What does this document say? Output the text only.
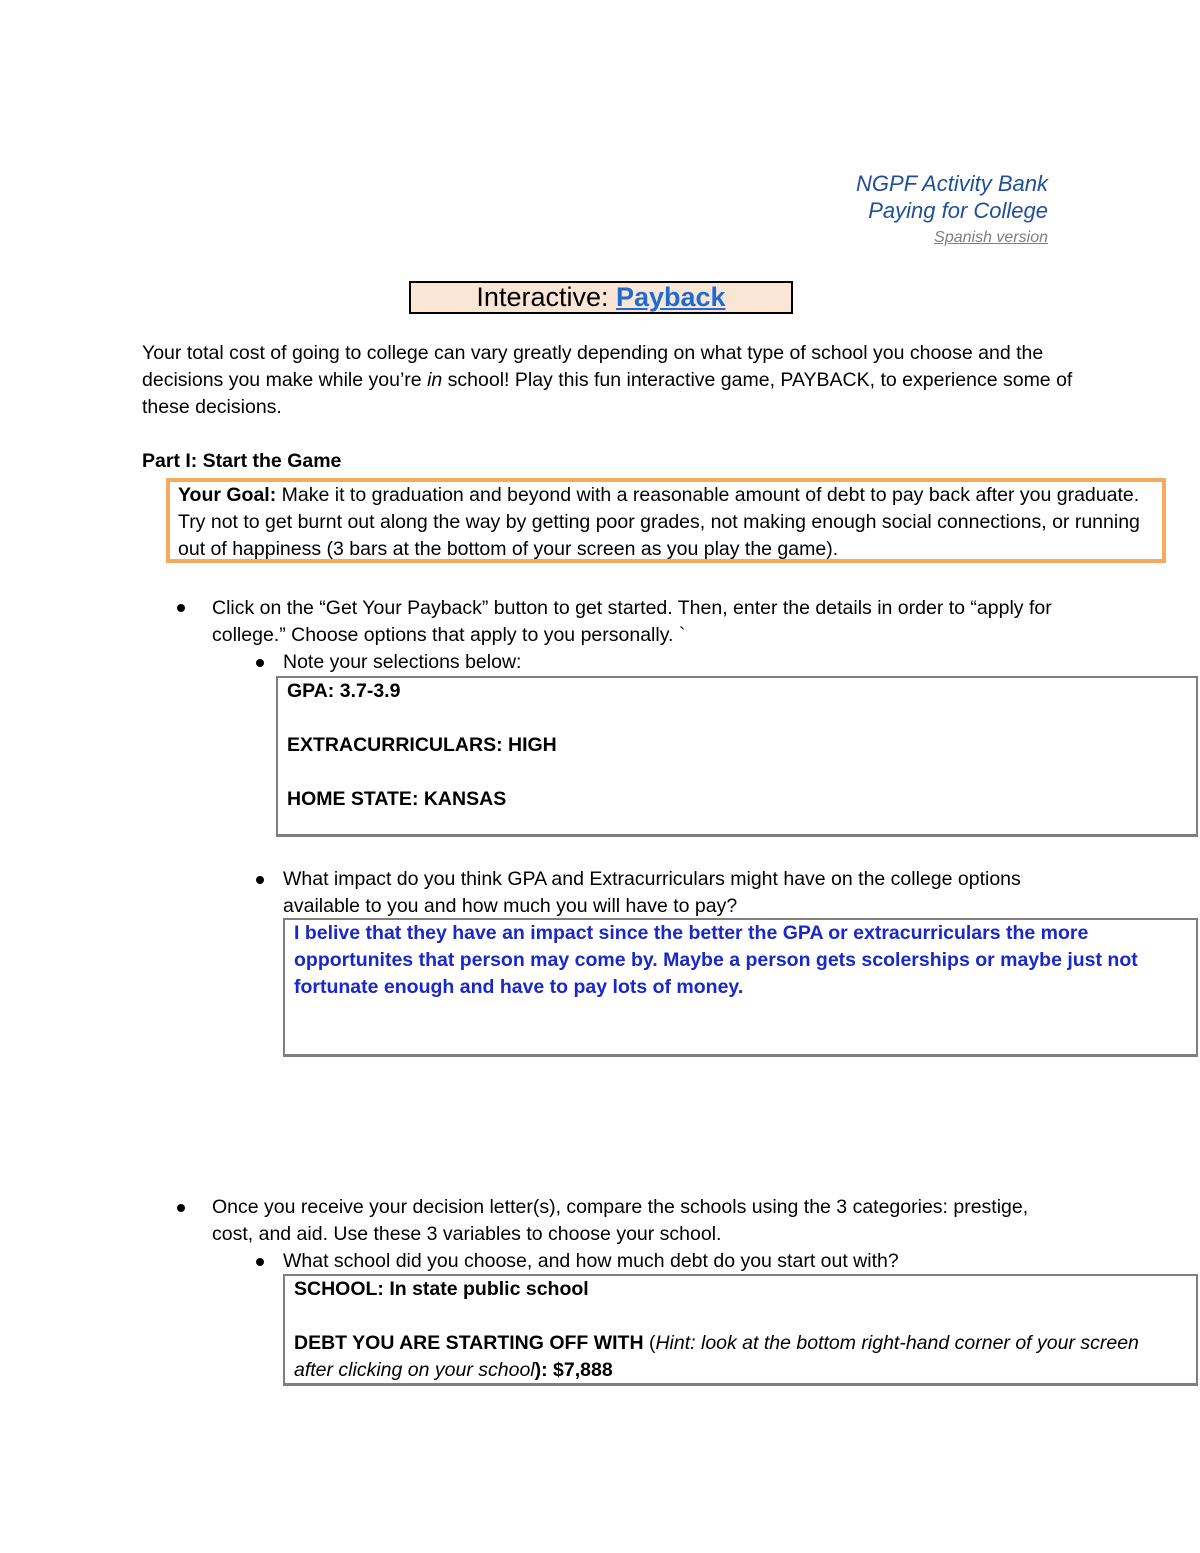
NGPF Activity Bank
Paying for College
Spanish version
Interactive: Payback
Your total cost of going to college can vary greatly depending on what type of school you choose and the decisions you make while you’re in school! Play this fun interactive game, PAYBACK, to experience some of these decisions.
Part I: Start the Game
Your Goal: Make it to graduation and beyond with a reasonable amount of debt to pay back after you graduate. Try not to get burnt out along the way by getting poor grades, not making enough social connections, or running out of happiness (3 bars at the bottom of your screen as you play the game).
Click on the “Get Your Payback” button to get started. Then, enter the details in order to “apply for college.” Choose options that apply to you personally. `
Note your selections below:
GPA: 3.7-3.9
EXTRACURRICULARS: HIGH
HOME STATE: KANSAS
What impact do you think GPA and Extracurriculars might have on the college options available to you and how much you will have to pay?
I belive that they have an impact since the better the GPA or extracurriculars the more opportunites that person may come by. Maybe a person gets scolerships or maybe just not fortunate enough and have to pay lots of money.
Once you receive your decision letter(s), compare the schools using the 3 categories: prestige, cost, and aid. Use these 3 variables to choose your school.
What school did you choose, and how much debt do you start out with?
SCHOOL: In state public school
DEBT YOU ARE STARTING OFF WITH (Hint: look at the bottom right-hand corner of your screen after clicking on your school): $7,888
